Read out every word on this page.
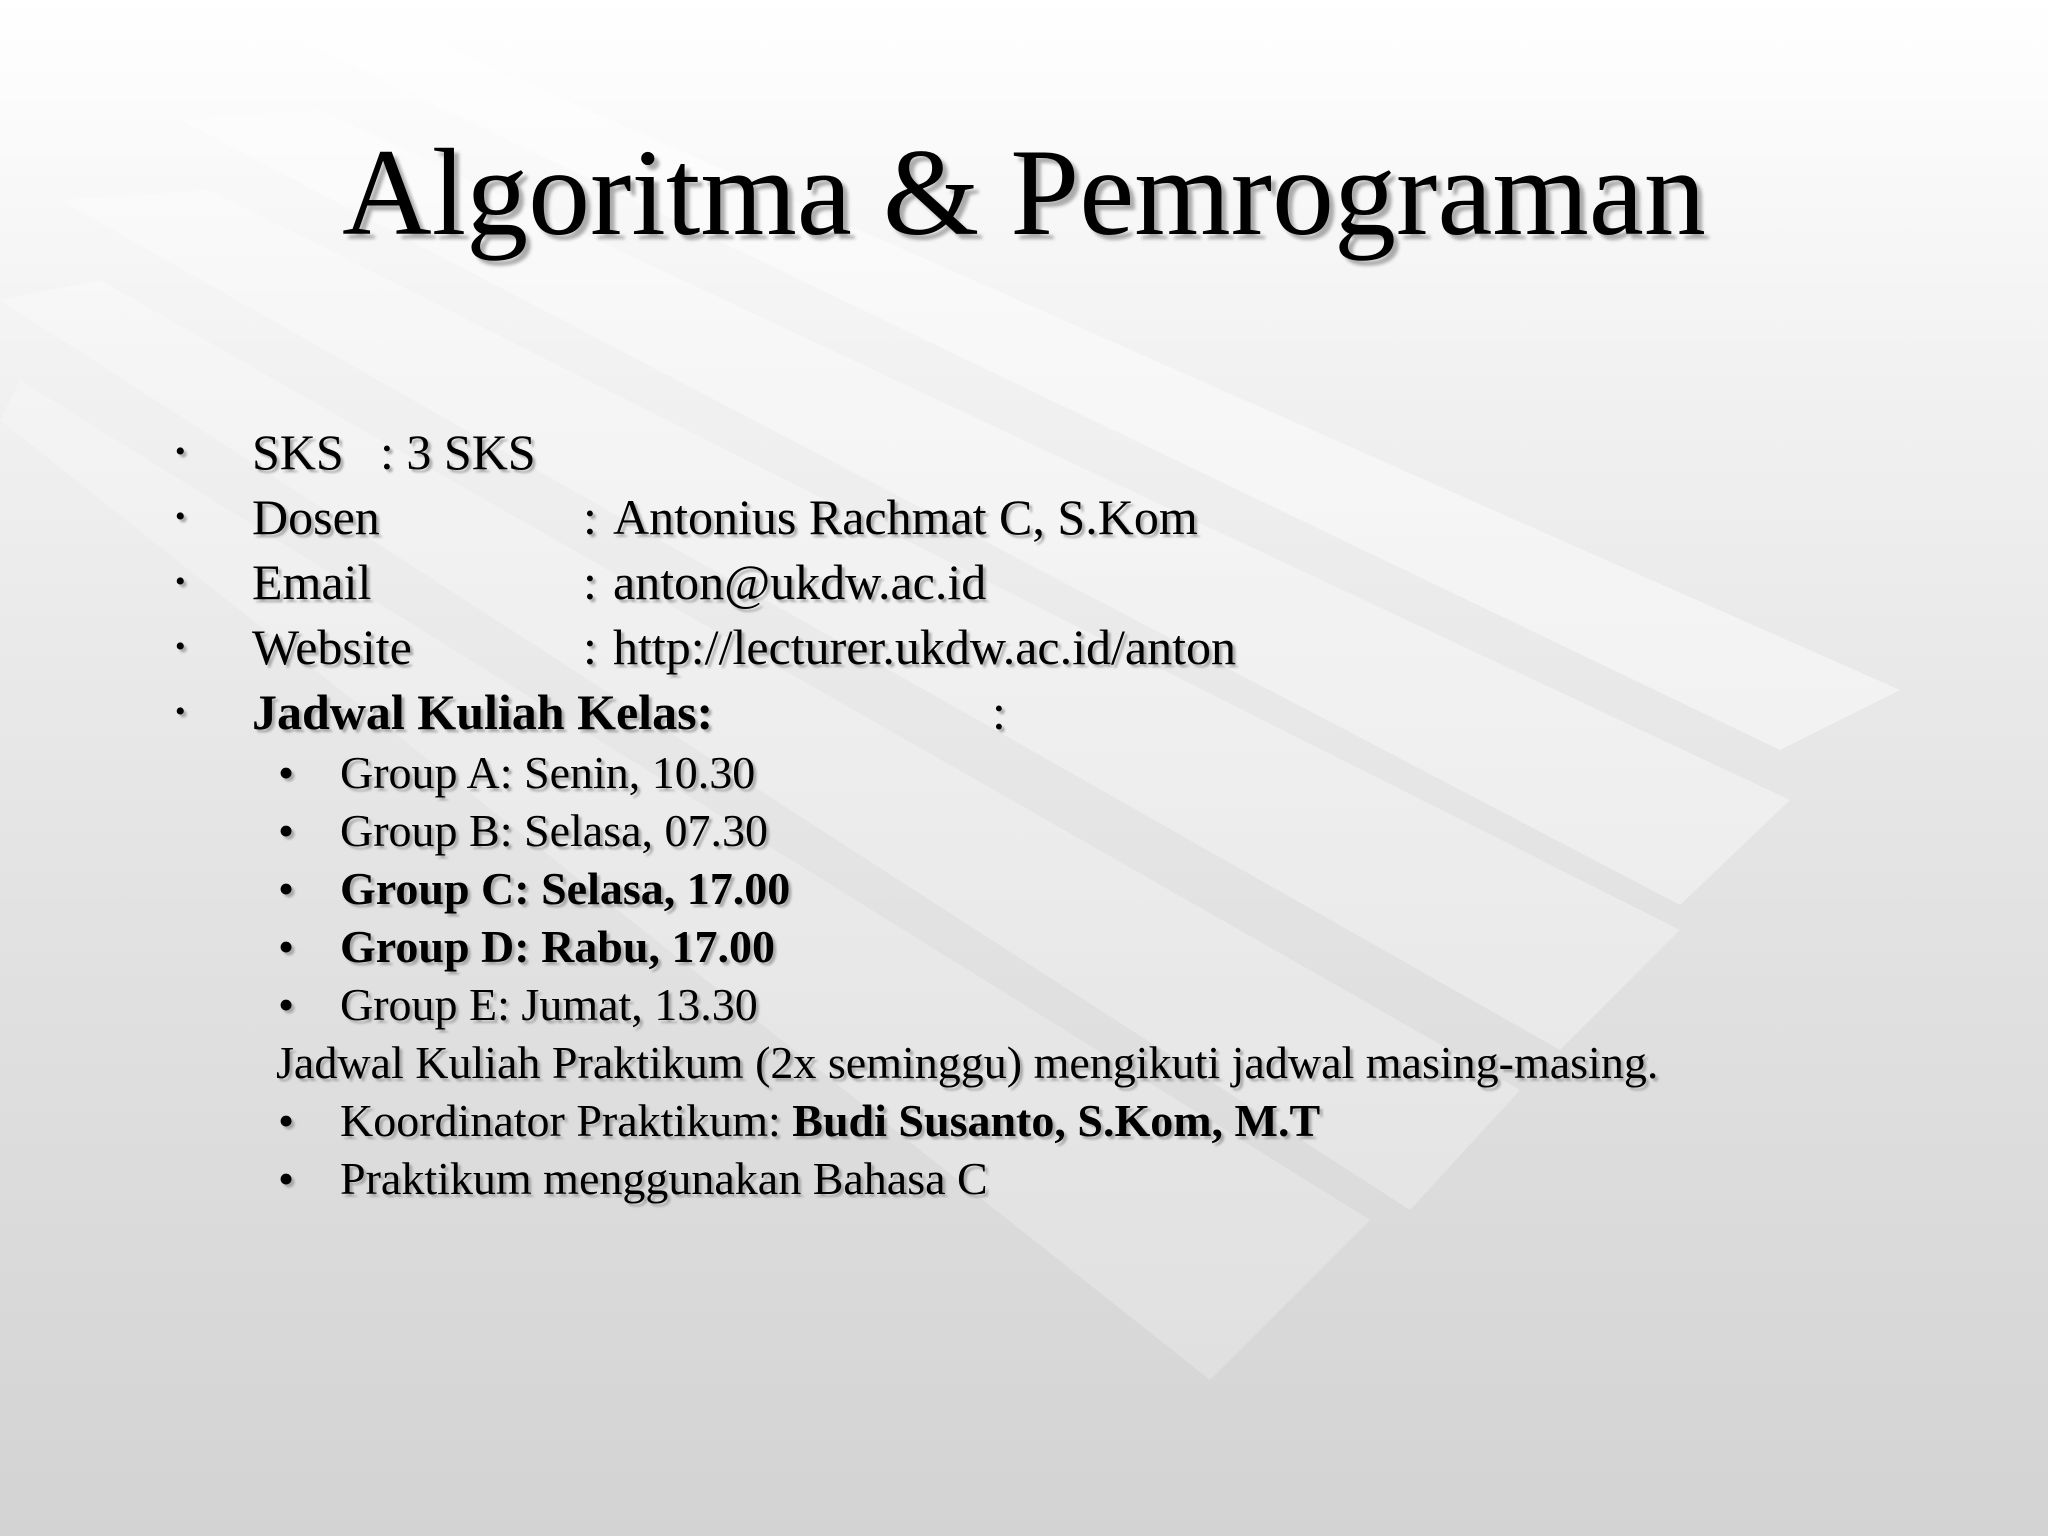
Algoritma & Pemrograman
• SKS : 3 SKS
• Dosen	: Antonius Rachmat C, S.Kom
• Email	: anton@ukdw.ac.id
• Website	: http://lecturer.ukdw.ac.id/anton
• Jadwal Kuliah Kelas:	:
• Group A: Senin, 10.30
• Group B: Selasa, 07.30
• Group C: Selasa, 17.00
• Group D: Rabu, 17.00
• Group E: Jumat, 13.30
Jadwal Kuliah Praktikum (2x seminggu) mengikuti jadwal masing-masing.
• Koordinator Praktikum: Budi Susanto, S.Kom, M.T
• Praktikum menggunakan Bahasa C
